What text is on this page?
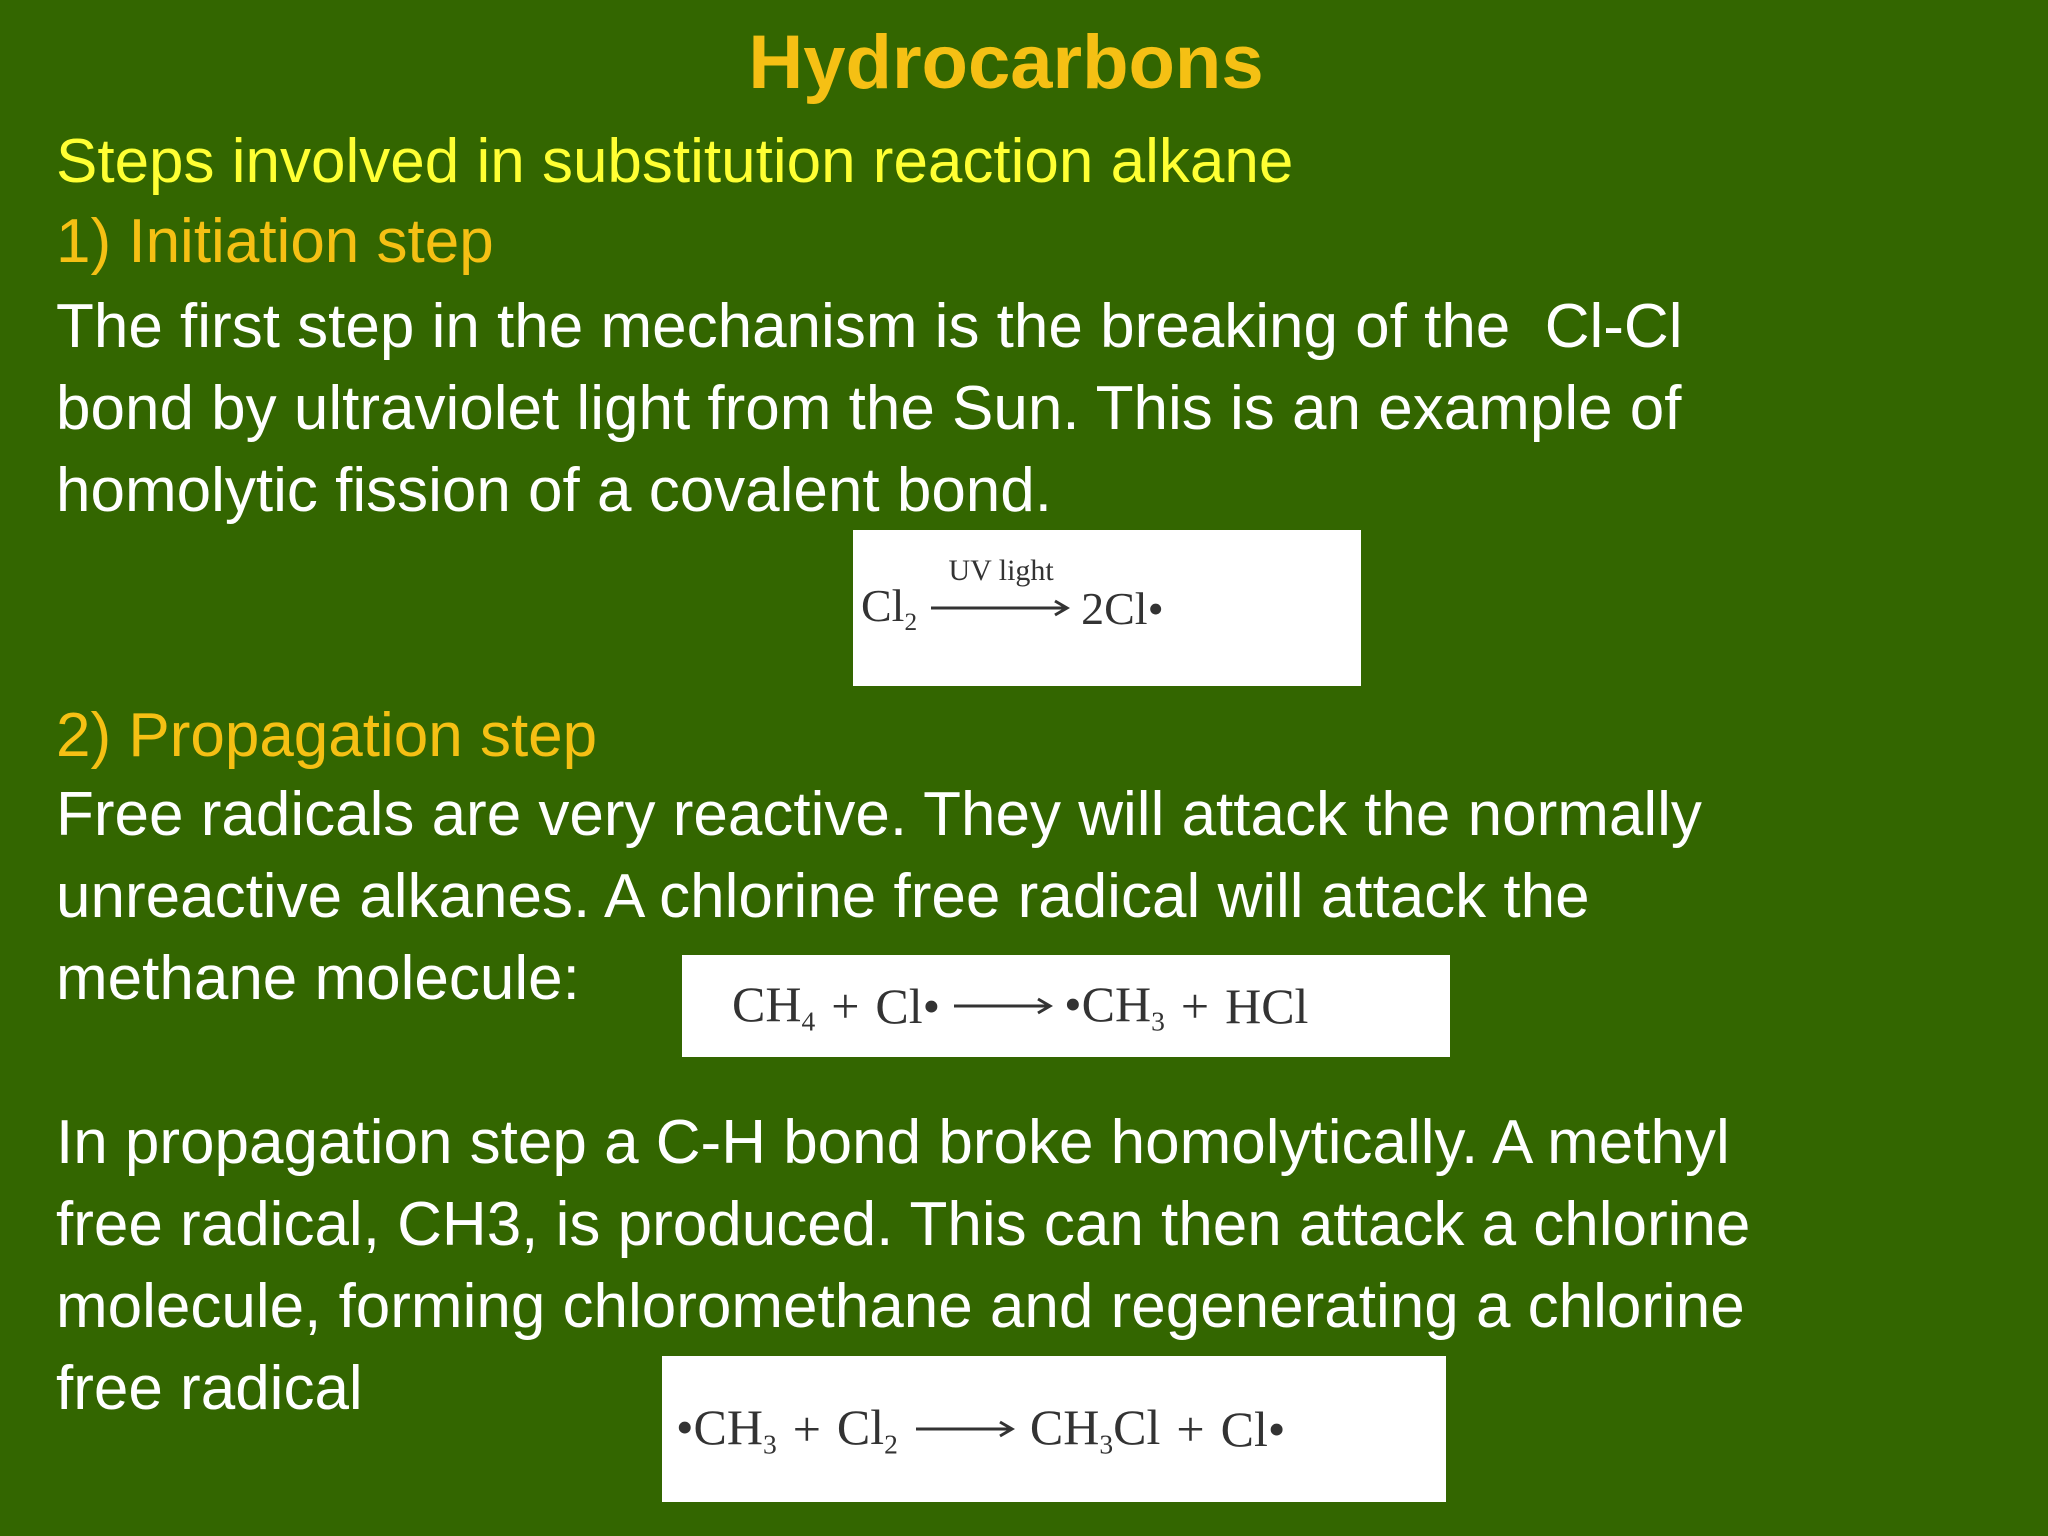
Hydrocarbons

Steps involved in substitution reaction alkane

1) Initiation step

The first step in the mechanism is the breaking of the  Cl-Cl
bond by ultraviolet light from the Sun. This is an example of
homolytic fission of a covalent bond.
$Cl_2$
UV light
2Cl•

2) Propagation step

Free radicals are very reactive. They will attack the normally
unreactive alkanes. A chlorine free radical will attack the
methane molecule:	$CH_4$ + Cl• $•CH_3$ + HCl
In propagation step a C-H bond broke homolytically. A methyl
free radical, CH3, is produced. This can then attack a chlorine
molecule, forming chloromethane and regenerating a chlorine
free radical
$•CH_3 + Cl_2$	$CH_3Cl$ + Cl•
